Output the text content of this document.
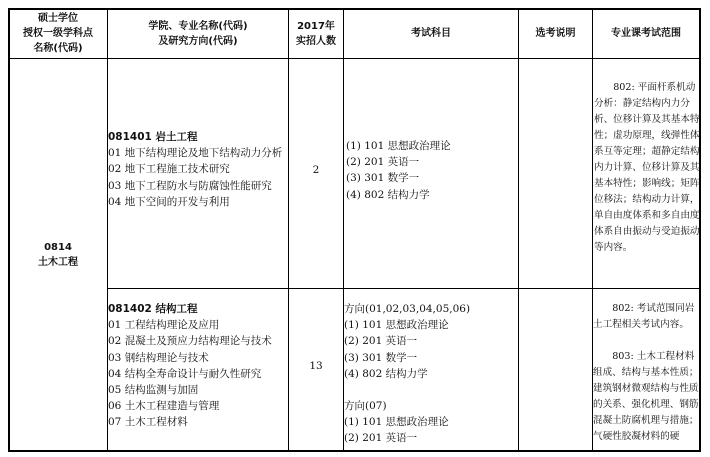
硕士学位
授权一级学科点
名称(代码)
学院、专业名称(代码)
及研究方向(代码)
2017年
实招人数
考试科目	选考说明	专业课考试范围
0814
土木工程
081401 岩土工程
01 地下结构理论及地下结构动力分析
02 地下工程施工技术研究
03 地下工程防水与防腐蚀性能研究
04 地下空间的开发与利用
2
(1) 101 思想政治理论
(2) 201 英语一
(3) 301 数学一
(4) 802 结构力学
802: 平面杆系机动分析：静定结构内力分析、位移计算及其基本特性；虚功原理，线弹性体系互等定理；超静定结构内力计算、位移计算及其基本特性；影响线；矩阵位移法；结构动力计算，单自由度体系和多自由度体系自由振动与受迫振动等内容。
081402 结构工程
01 工程结构理论及应用
02 混凝土及预应力结构理论与技术
03 钢结构理论与技术
04 结构全寿命设计与耐久性研究
05 结构监测与加固
06 土木工程建造与管理
07 土木工程材料
13
方向(01,02,03,04,05,06)
(1) 101 思想政治理论
(2) 201 英语一
(3) 301 数学一
(4) 802 结构力学
方向(07)
(1) 101 思想政治理论
(2) 201 英语一
802: 考试范围同岩土工程相关考试内容。
803: 土木工程材料组成、结构与基本性质；建筑钢材微观结构与性质的关系、强化机理、钢筋混凝土防腐机理与措施；气硬性胶凝材料的硬
